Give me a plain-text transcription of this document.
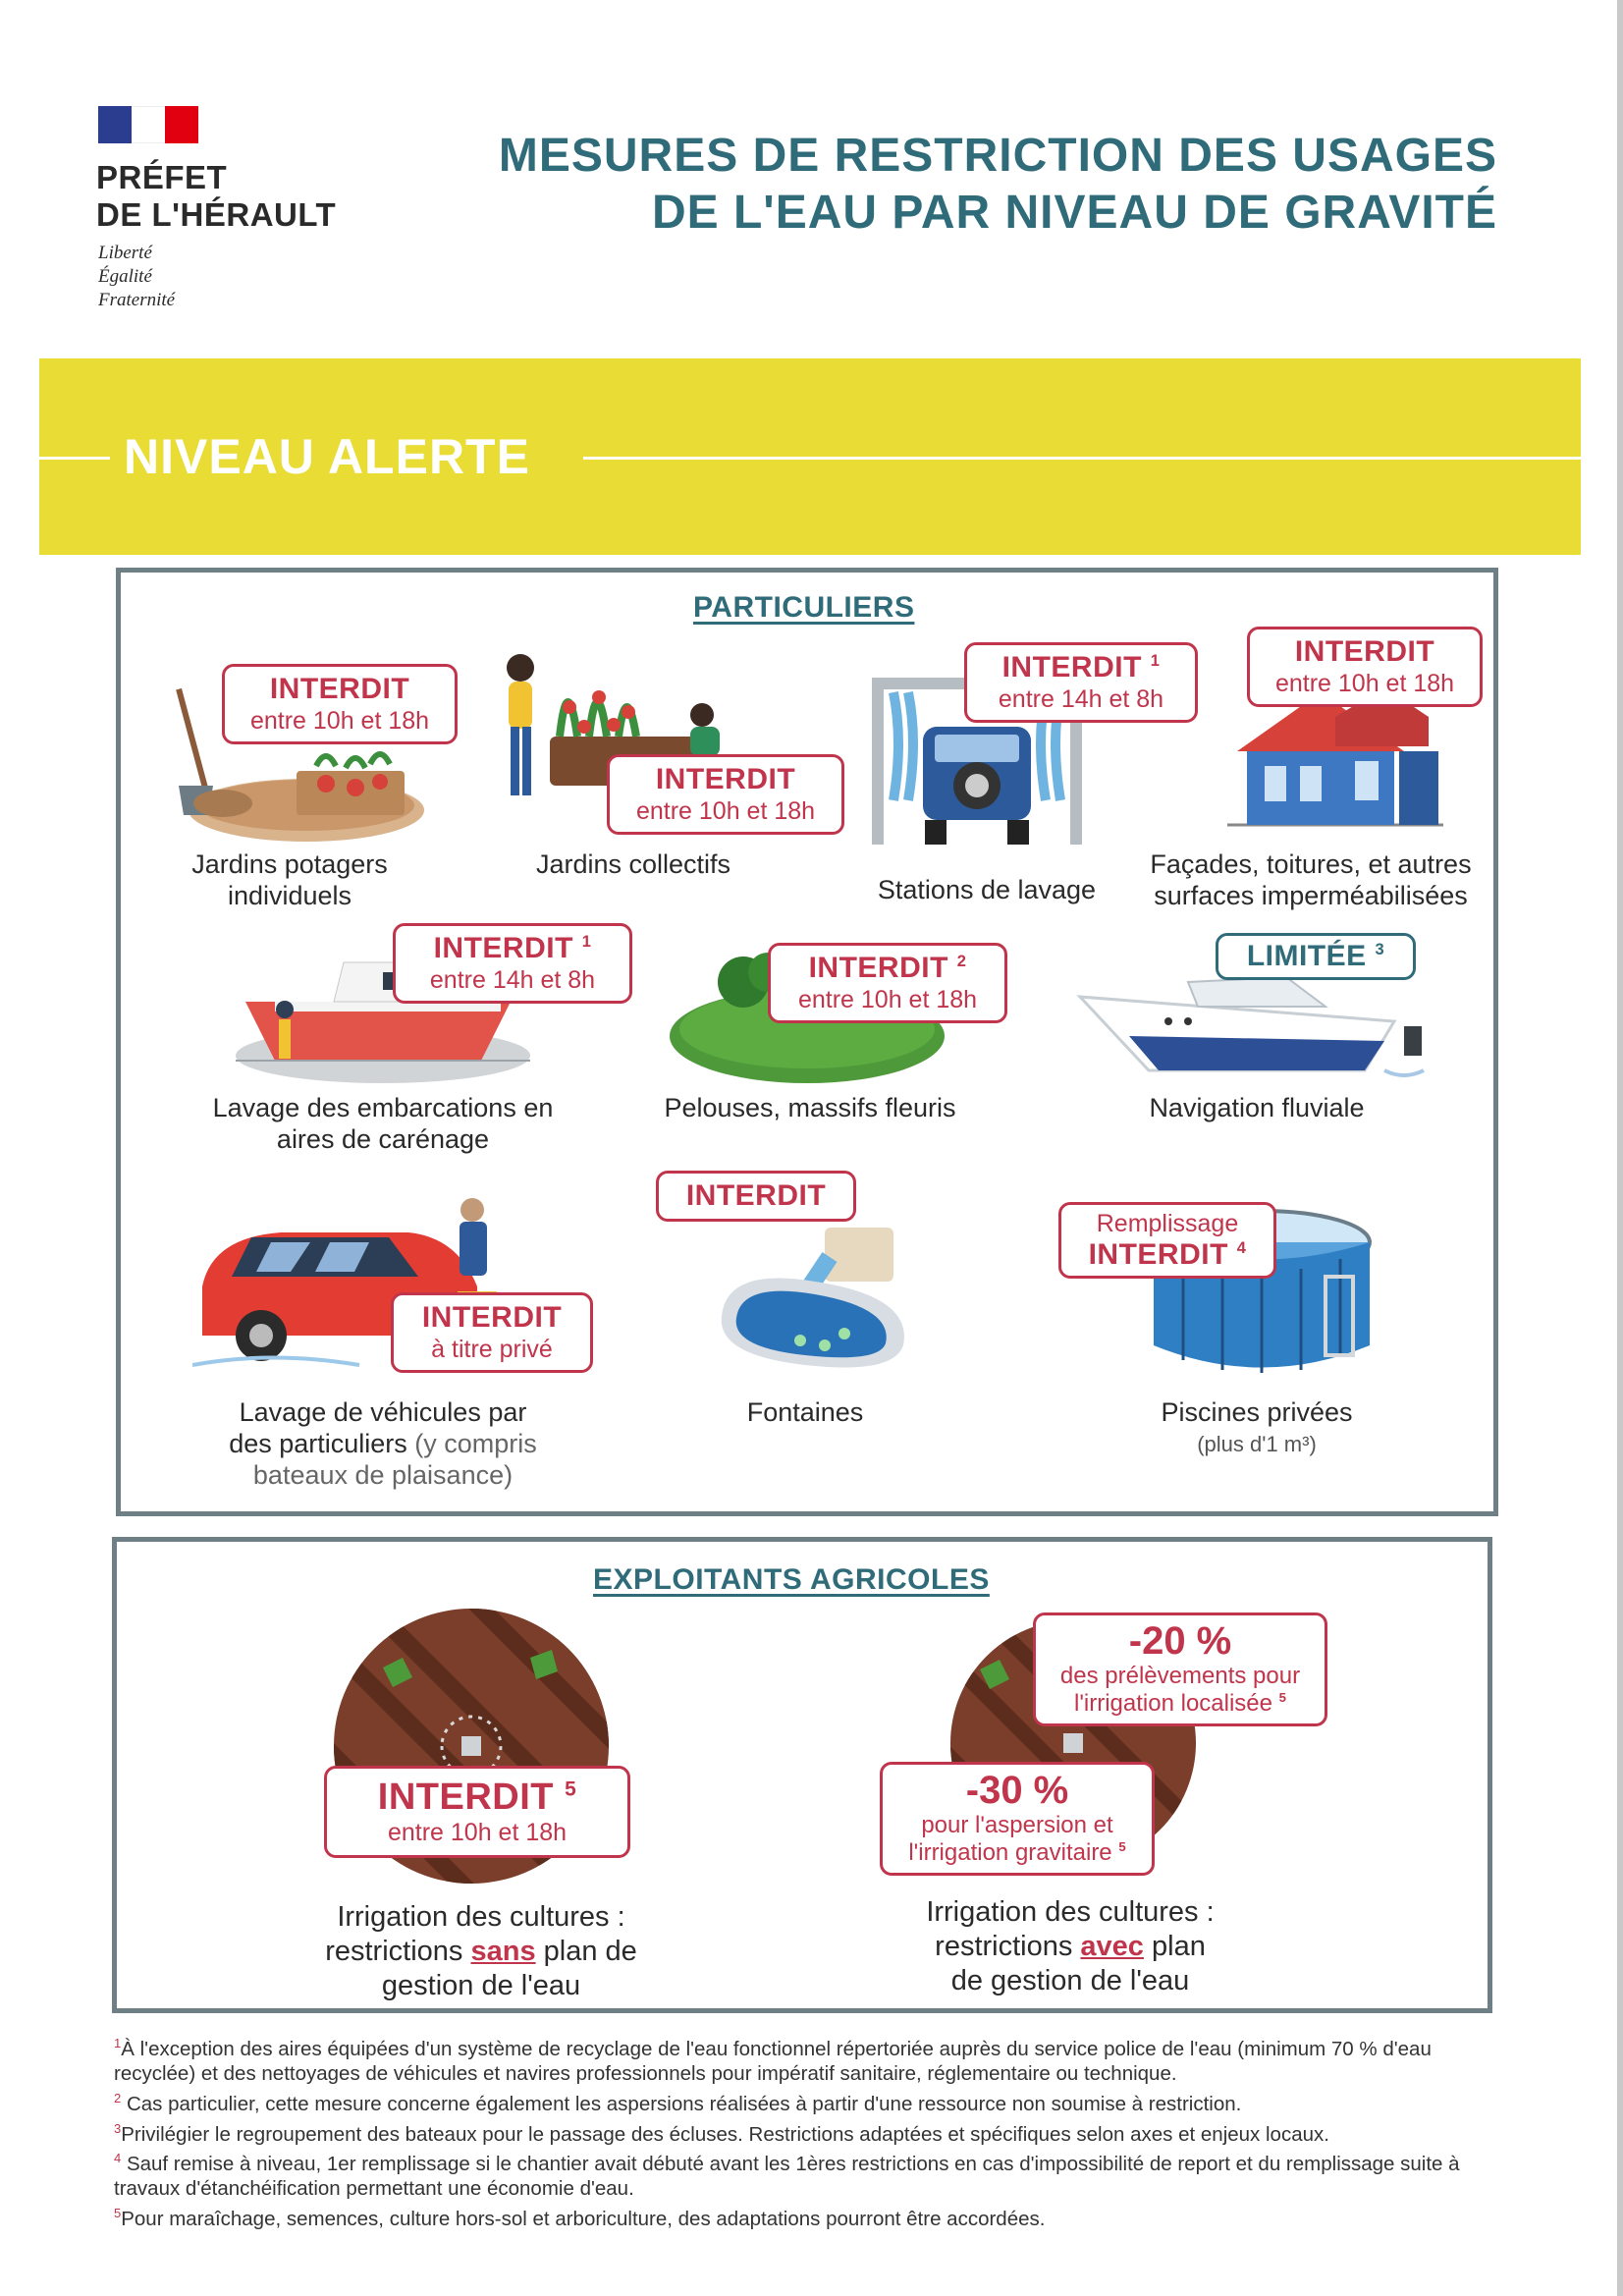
PRÉFET
DE L'HÉRAULT
Liberté
Égalité
Fraternité
MESURES DE RESTRICTION DES USAGES
DE L'EAU PAR NIVEAU DE GRAVITÉ
NIVEAU ALERTE
PARTICULIERS
INTERDIT
entre 10h et 18h
Jardins potagers
individuels
INTERDIT
entre 10h et 18h
Jardins collectifs
INTERDIT $^1$
entre 14h et 8h
Stations de lavage
INTERDIT
entre 10h et 18h
Façades, toitures, et autres
surfaces imperméabilisées
INTERDIT $^1$
entre 14h et 8h
Lavage des embarcations en
aires de carénage
INTERDIT $^2$
entre 10h et 18h
Pelouses, massifs fleuris
LIMITÉE $^3$
Navigation fluviale
INTERDIT
à titre privé
Lavage de véhicules par
des particuliers (y compris
bateaux de plaisance)
INTERDIT
Fontaines
Remplissage
INTERDIT $^4$
Piscines privées
(plus d'1 m³)
EXPLOITANTS AGRICOLES
INTERDIT $^5$
entre 10h et 18h
Irrigation des cultures :
restrictions sans plan de
gestion de l'eau
-20 %
des prélèvements pour
l'irrigation localisée $^5$
-30 %
pour l'aspersion et
l'irrigation gravitaire $^5$
Irrigation des cultures :
restrictions avec plan
de gestion de l'eau

$^1$À l'exception des aires équipées d'un système de recyclage de l'eau fonctionnel répertoriée auprès du service police de l'eau (minimum 70 % d'eau recyclée) et des nettoyages de véhicules et navires professionnels pour impératif sanitaire, réglementaire ou technique.

$^2$ Cas particulier, cette mesure concerne également les aspersions réalisées à partir d'une ressource non soumise à restriction.

$^3$Privilégier le regroupement des bateaux pour le passage des écluses. Restrictions adaptées et spécifiques selon axes et enjeux locaux.

$^4$ Sauf remise à niveau, 1er remplissage si le chantier avait débuté avant les 1ères restrictions en cas d'impossibilité de report et du remplissage suite à travaux d'étanchéification permettant une économie d'eau.

$^5$Pour maraîchage, semences, culture hors-sol et arboriculture, des adaptations pourront être accordées.
